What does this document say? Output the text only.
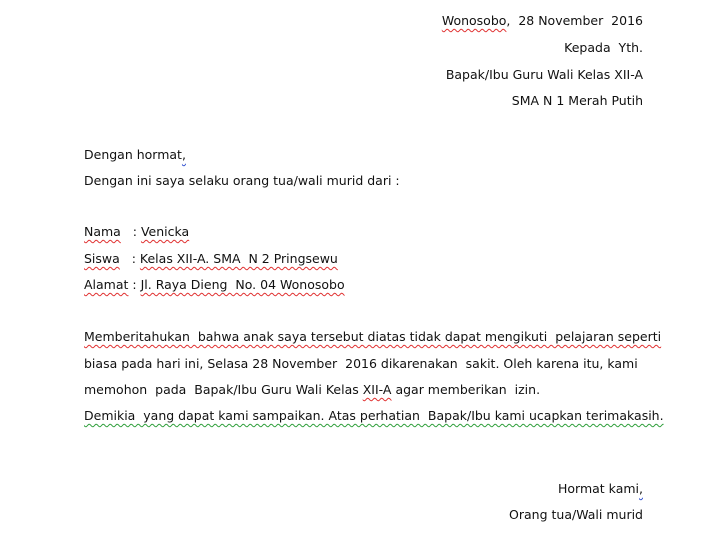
Wonosobo,  28 November  2016
Kepada  Yth.
Bapak/Ibu Guru Wali Kelas XII-A
SMA N 1 Merah Putih
Dengan hormat,
Dengan ini saya selaku orang tua/wali murid dari :
Nama   : Venicka
Siswa   : Kelas XII-A. SMA  N 2 Pringsewu
Alamat : Jl. Raya Dieng  No. 04 Wonosobo
Memberitahukan  bahwa anak saya tersebut diatas tidak dapat mengikuti  pelajaran seperti
biasa pada hari ini, Selasa 28 November  2016 dikarenakan  sakit. Oleh karena itu, kami
memohon  pada  Bapak/Ibu Guru Wali Kelas XII-A agar memberikan  izin.
Demikia  yang dapat kami sampaikan. Atas perhatian  Bapak/Ibu kami ucapkan terimakasih.
Hormat kami,
Orang tua/Wali murid
